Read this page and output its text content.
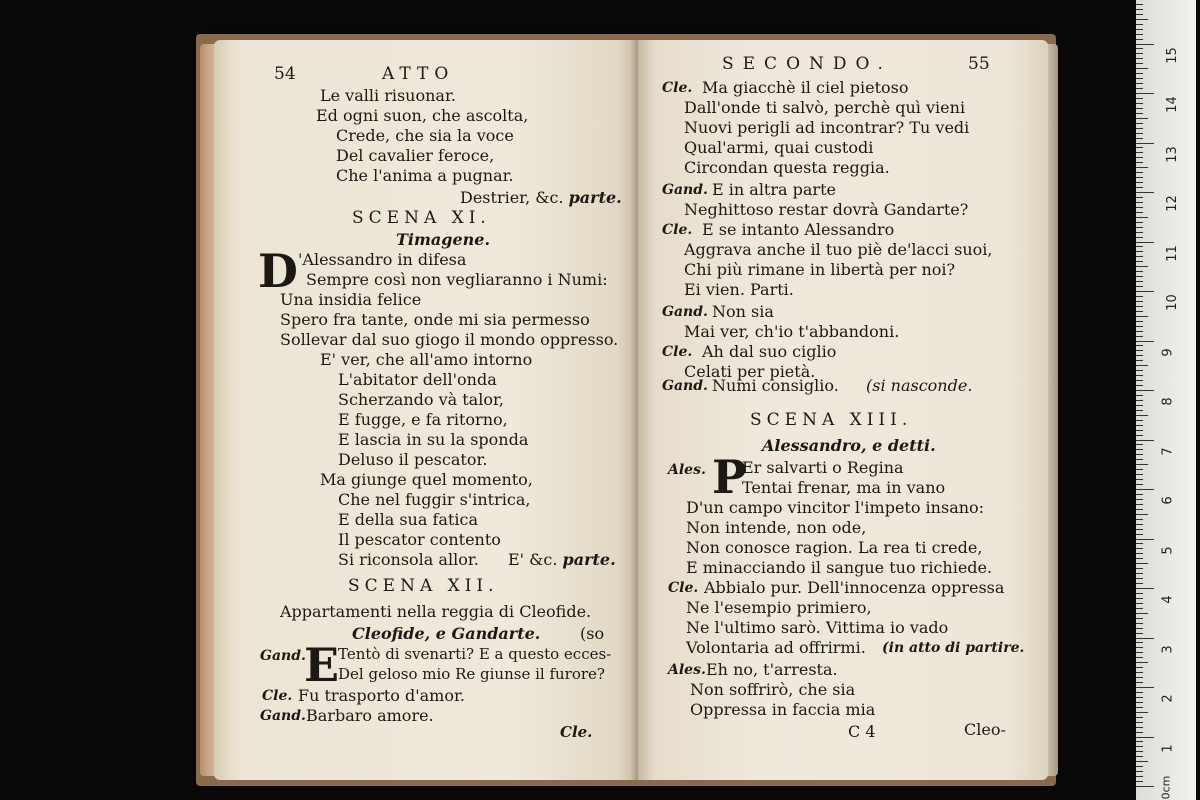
54	ATTO
Le valli risuonar.
Ed ogni suon, che ascolta,
Crede, che sia la voce
Del cavalier feroce,
Che l'anima a pugnar.
Destrier, &c. parte.
SCENA XI.
Timagene.
D 'Alessandro in difesa
Sempre così non vegliaranno i Numi:
Una insidia felice
Spero fra tante, onde mi sia permesso
Sollevar dal suo giogo il mondo oppresso.
E' ver, che all'amo intorno
L'abitator dell'onda
Scherzando và talor,
E fugge, e fa ritorno,
E lascia in su la sponda
Deluso il pescator.
Ma giunge quel momento,
Che nel fuggir s'intrica,
E della sua fatica
Il pescator contento
Si riconsola allor. E' &c. parte.
SCENA XII.
Appartamenti nella reggia di Cleofide.
Cleofide, e Gandarte. (so
Gand.
E
Tentò di svenarti? E a questo ecces-
Del geloso mio Re giunse il furore?
Cle. Fu trasporto d'amor.
Gand. Barbaro amore.
Cle.
SECONDO.	55
Cle. Ma giacchè il ciel pietoso
Dall'onde ti salvò, perchè quì vieni
Nuovi perigli ad incontrar? Tu vedi
Qual'armi, quai custodi
Circondan questa reggia.
Gand. E in altra parte
Neghittoso restar dovrà Gandarte?
Cle. E se intanto Alessandro
Aggrava anche il tuo piè de'lacci suoi,
Chi più rimane in libertà per noi?
Ei vien. Parti.
Gand. Non sia
Mai ver, ch'io t'abbandoni.
Cle. Ah dal suo ciglio
Celati per pietà.
Gand. Numi consiglio. (si nasconde.
SCENA XIII.
Alessandro, e detti.
Ales. P
Er salvarti o Regina
Tentai frenar, ma in vano
D'un campo vincitor l'impeto insano:
Non intende, non ode,
Non conosce ragion. La rea ti crede,
E minacciando il sangue tuo richiede.
Cle. Abbialo pur. Dell'innocenza oppressa
Ne l'esempio primiero,
Ne l'ultimo sarò. Vittima io vado
Volontaria ad offrirmi. (in atto di partire.
Ales. Eh no, t'arresta.
Non soffrirò, che sia
Oppressa in faccia mia
C 4	Cleo-
15
14
13
12
11
10
9
8
7
6
5
4
3
2
1
0cm
